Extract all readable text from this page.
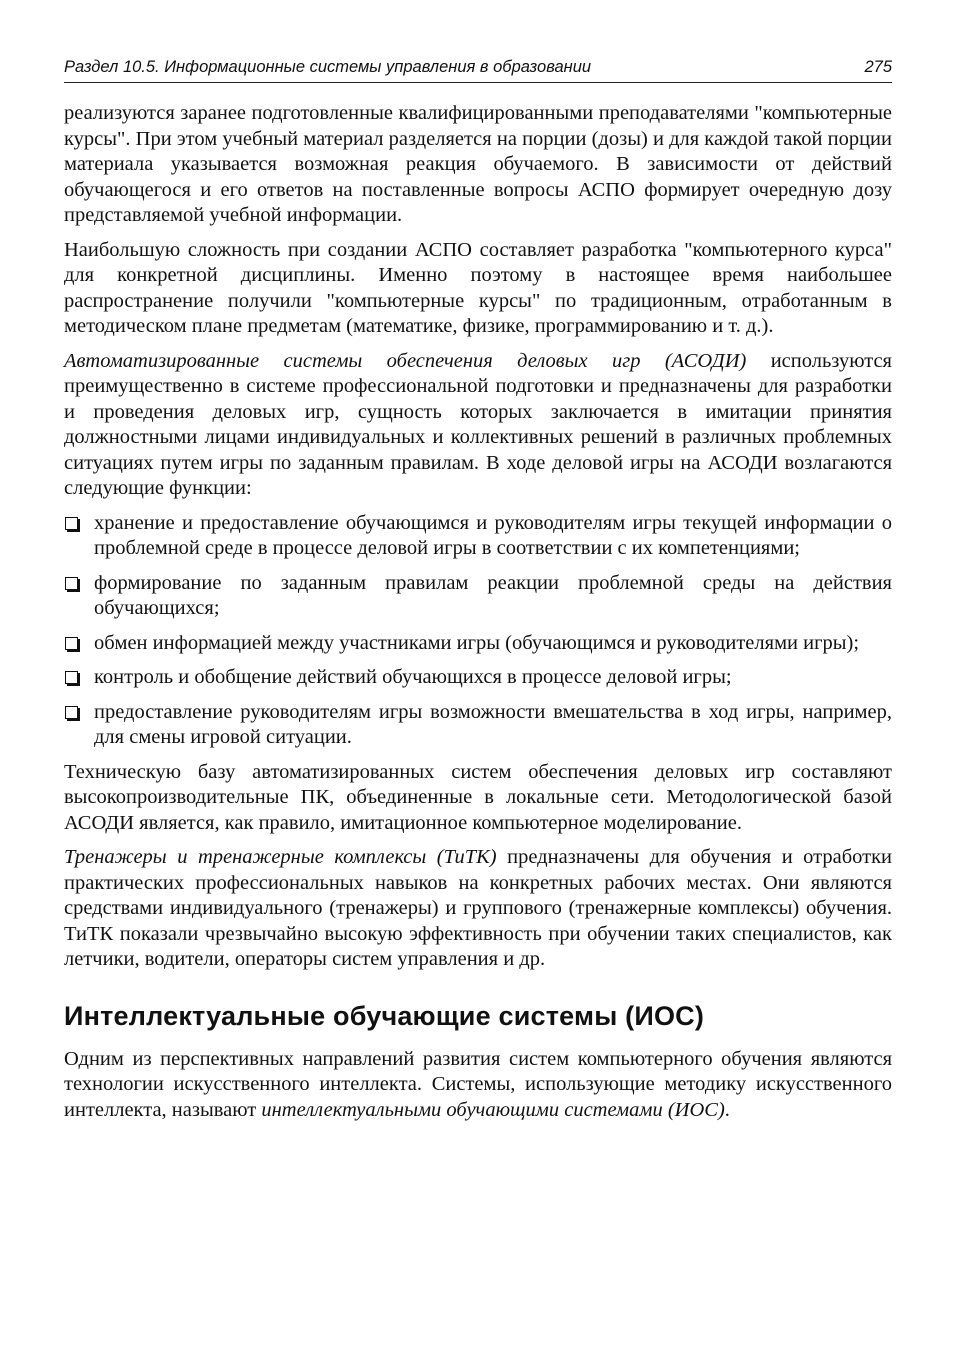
Раздел 10.5. Информационные системы управления в образовании	275

реализуются заранее подготовленные квалифицированными преподавателями "компьютерные курсы". При этом учебный материал разделяется на порции (дозы) и для каждой такой порции материала указывается возможная реакция обучаемого. В зависимости от действий обучающегося и его ответов на поставленные вопросы АСПО формирует очередную дозу представляемой учебной информации.

Наибольшую сложность при создании АСПО составляет разработка "компьютерного курса" для конкретной дисциплины. Именно поэтому в настоящее время наибольшее распространение получили "компьютерные курсы" по традиционным, отработанным в методическом плане предметам (математике, физике, программированию и т. д.).

Автоматизированные системы обеспечения деловых игр (АСОДИ) используются преимущественно в системе профессиональной подготовки и предназначены для разработки и проведения деловых игр, сущность которых заключается в имитации принятия должностными лицами индивидуальных и коллективных решений в различных проблемных ситуациях путем игры по заданным правилам. В ходе деловой игры на АСОДИ возлагаются следующие функции:

хранение и предоставление обучающимся и руководителям игры текущей информации о проблемной среде в процессе деловой игры в соответствии с их компетенциями;
формирование по заданным правилам реакции проблемной среды на действия обучающихся;
обмен информацией между участниками игры (обучающимся и руководителями игры);
контроль и обобщение действий обучающихся в процессе деловой игры;
предоставление руководителям игры возможности вмешательства в ход игры, например, для смены игровой ситуации.

Техническую базу автоматизированных систем обеспечения деловых игр составляют высокопроизводительные ПК, объединенные в локальные сети. Методологической базой АСОДИ является, как правило, имитационное компьютерное моделирование.

Тренажеры и тренажерные комплексы (ТиТК) предназначены для обучения и отработки практических профессиональных навыков на конкретных рабочих местах. Они являются средствами индивидуального (тренажеры) и группового (тренажерные комплексы) обучения. ТиТК показали чрезвычайно высокую эффективность при обучении таких специалистов, как летчики, водители, операторы систем управления и др.

Интеллектуальные обучающие системы (ИОС)

Одним из перспективных направлений развития систем компьютерного обучения являются технологии искусственного интеллекта. Системы, использующие методику искусственного интеллекта, называют интеллектуальными обучающими системами (ИОС).
